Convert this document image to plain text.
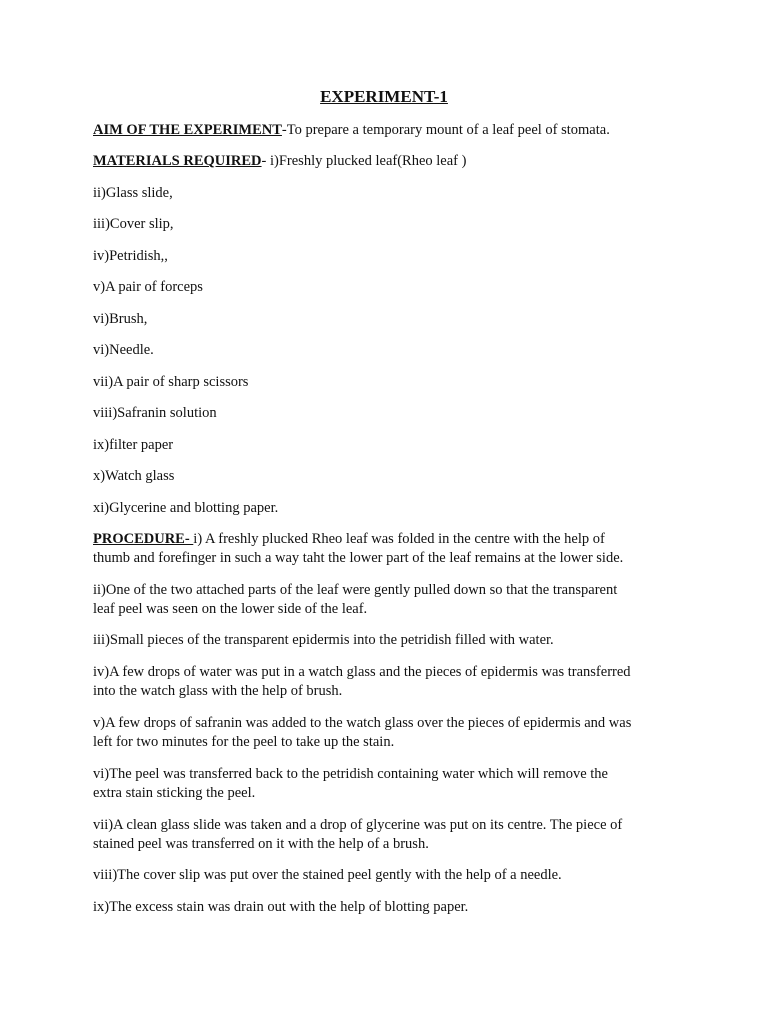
EXPERIMENT-1
AIM OF THE EXPERIMENT-To prepare a temporary mount of a leaf peel of stomata.
MATERIALS REQUIRED- i)Freshly plucked leaf(Rheo leaf )
ii)Glass slide,
iii)Cover slip,
iv)Petridish,,
v)A pair of forceps
vi)Brush,
vi)Needle.
vii)A pair of sharp scissors
viii)Safranin solution
ix)filter paper
x)Watch glass
xi)Glycerine and blotting paper.
PROCEDURE- i) A freshly plucked Rheo leaf was folded in the centre with the help of
thumb and forefinger in such a way taht the lower part of the leaf remains at the lower side.
ii)One of the two attached parts of the leaf were gently pulled down so that the transparent
leaf peel was seen on the lower side of the leaf.
iii)Small pieces of the transparent epidermis into the petridish filled with water.
iv)A few drops of water was put in a watch glass and the pieces of epidermis was transferred
into the watch glass with the help of brush.
v)A few drops of safranin was added to the watch glass over the pieces of epidermis and was
left for two minutes for the peel to take up the stain.
vi)The peel was transferred back to the petridish containing water which will remove the
extra stain sticking the peel.
vii)A clean glass slide was taken and a drop of glycerine was put on its centre. The piece of
stained peel was transferred on it with the help of a brush.
viii)The cover slip was put over the stained peel gently with the help of a needle.
ix)The excess stain was drain out with the help of blotting paper.
